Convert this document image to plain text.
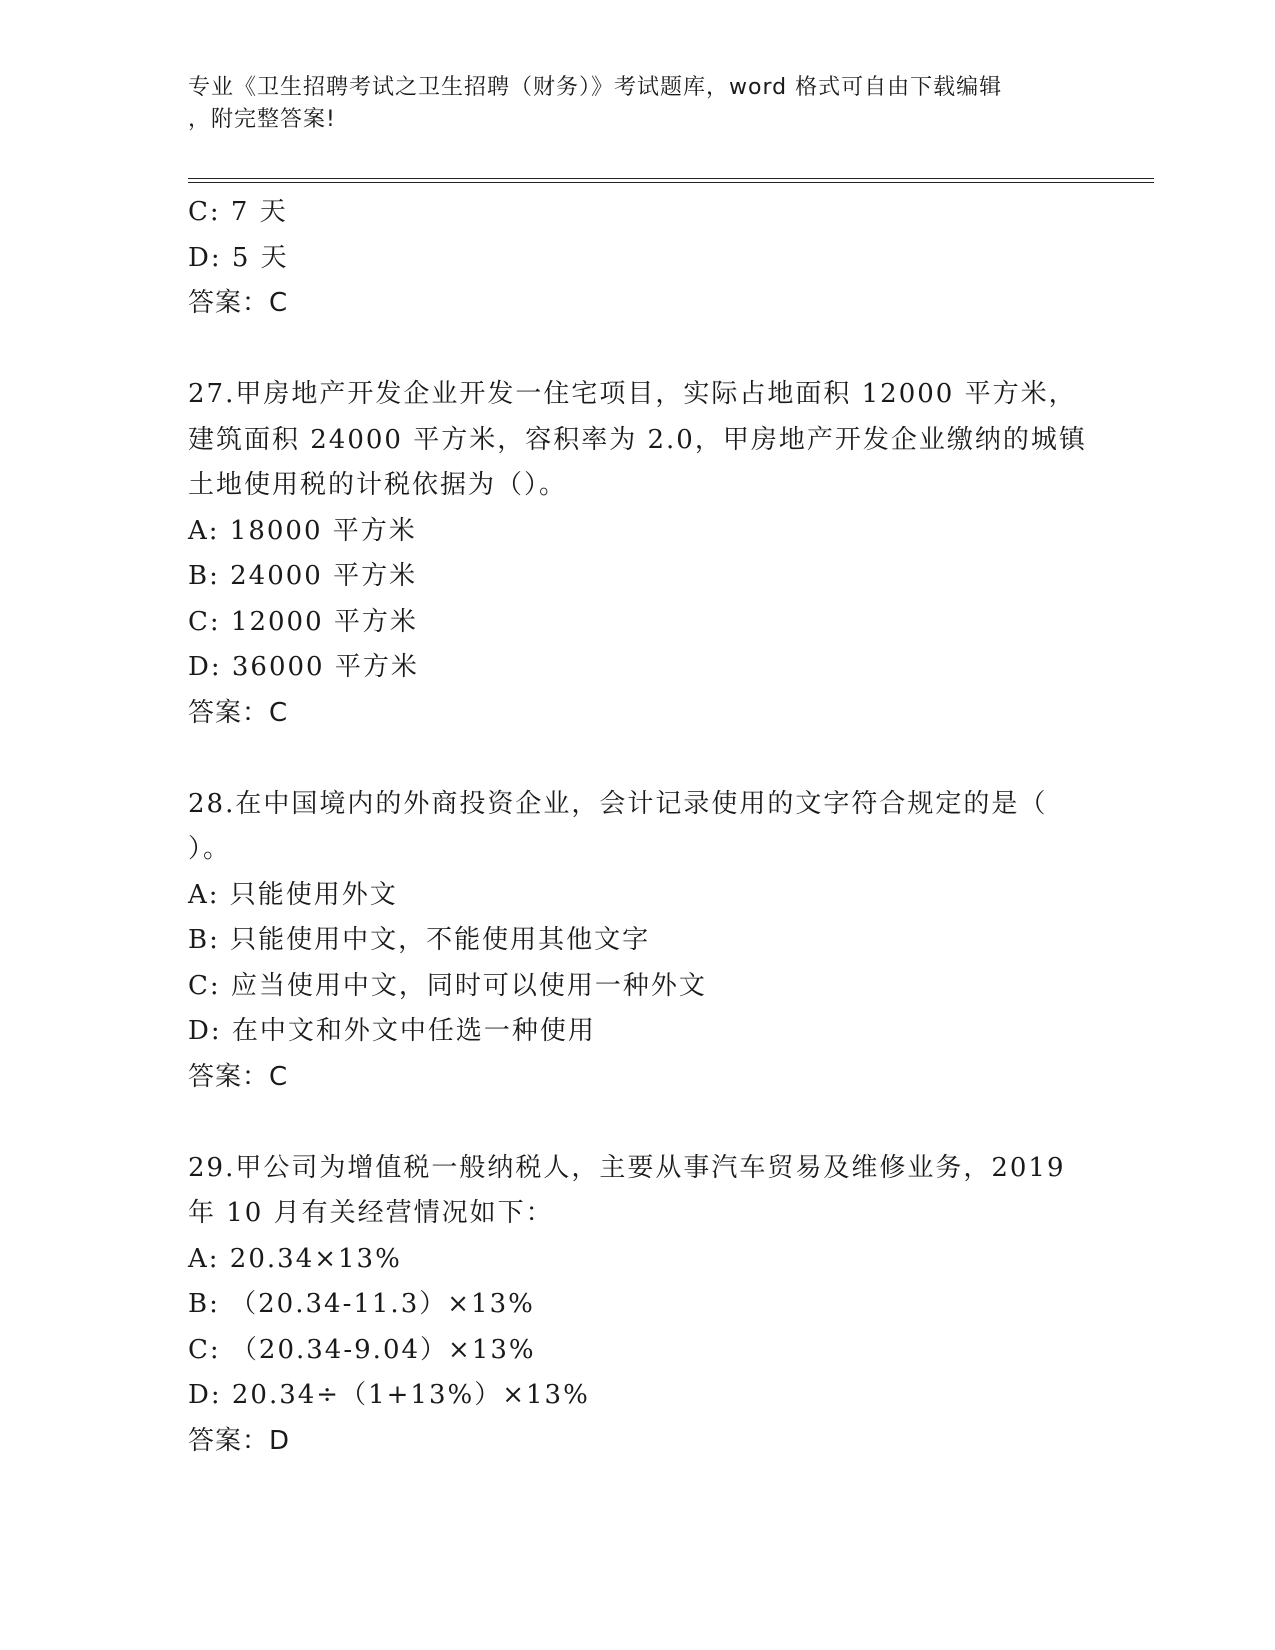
专业《卫生招聘考试之卫生招聘（财务）》考试题库，word 格式可自由下载编辑
，附完整答案!
C: 7 天
D: 5 天
答案：C
27.甲房地产开发企业开发一住宅项目，实际占地面积 12000 平方米，
建筑面积 24000 平方米，容积率为 2.0，甲房地产开发企业缴纳的城镇
土地使用税的计税依据为（）。
A: 18000 平方米
B: 24000 平方米
C: 12000 平方米
D: 36000 平方米
答案：C
28.在中国境内的外商投资企业，会计记录使用的文字符合规定的是（
）。
A: 只能使用外文
B: 只能使用中文，不能使用其他文字
C: 应当使用中文，同时可以使用一种外文
D: 在中文和外文中任选一种使用
答案：C
29.甲公司为增值税一般纳税人，主要从事汽车贸易及维修业务，2019
年 10 月有关经营情况如下：
A: 20.34×13%
B: （20.34-11.3）×13%
C: （20.34-9.04）×13%
D: 20.34÷（1+13%）×13%
答案：D
